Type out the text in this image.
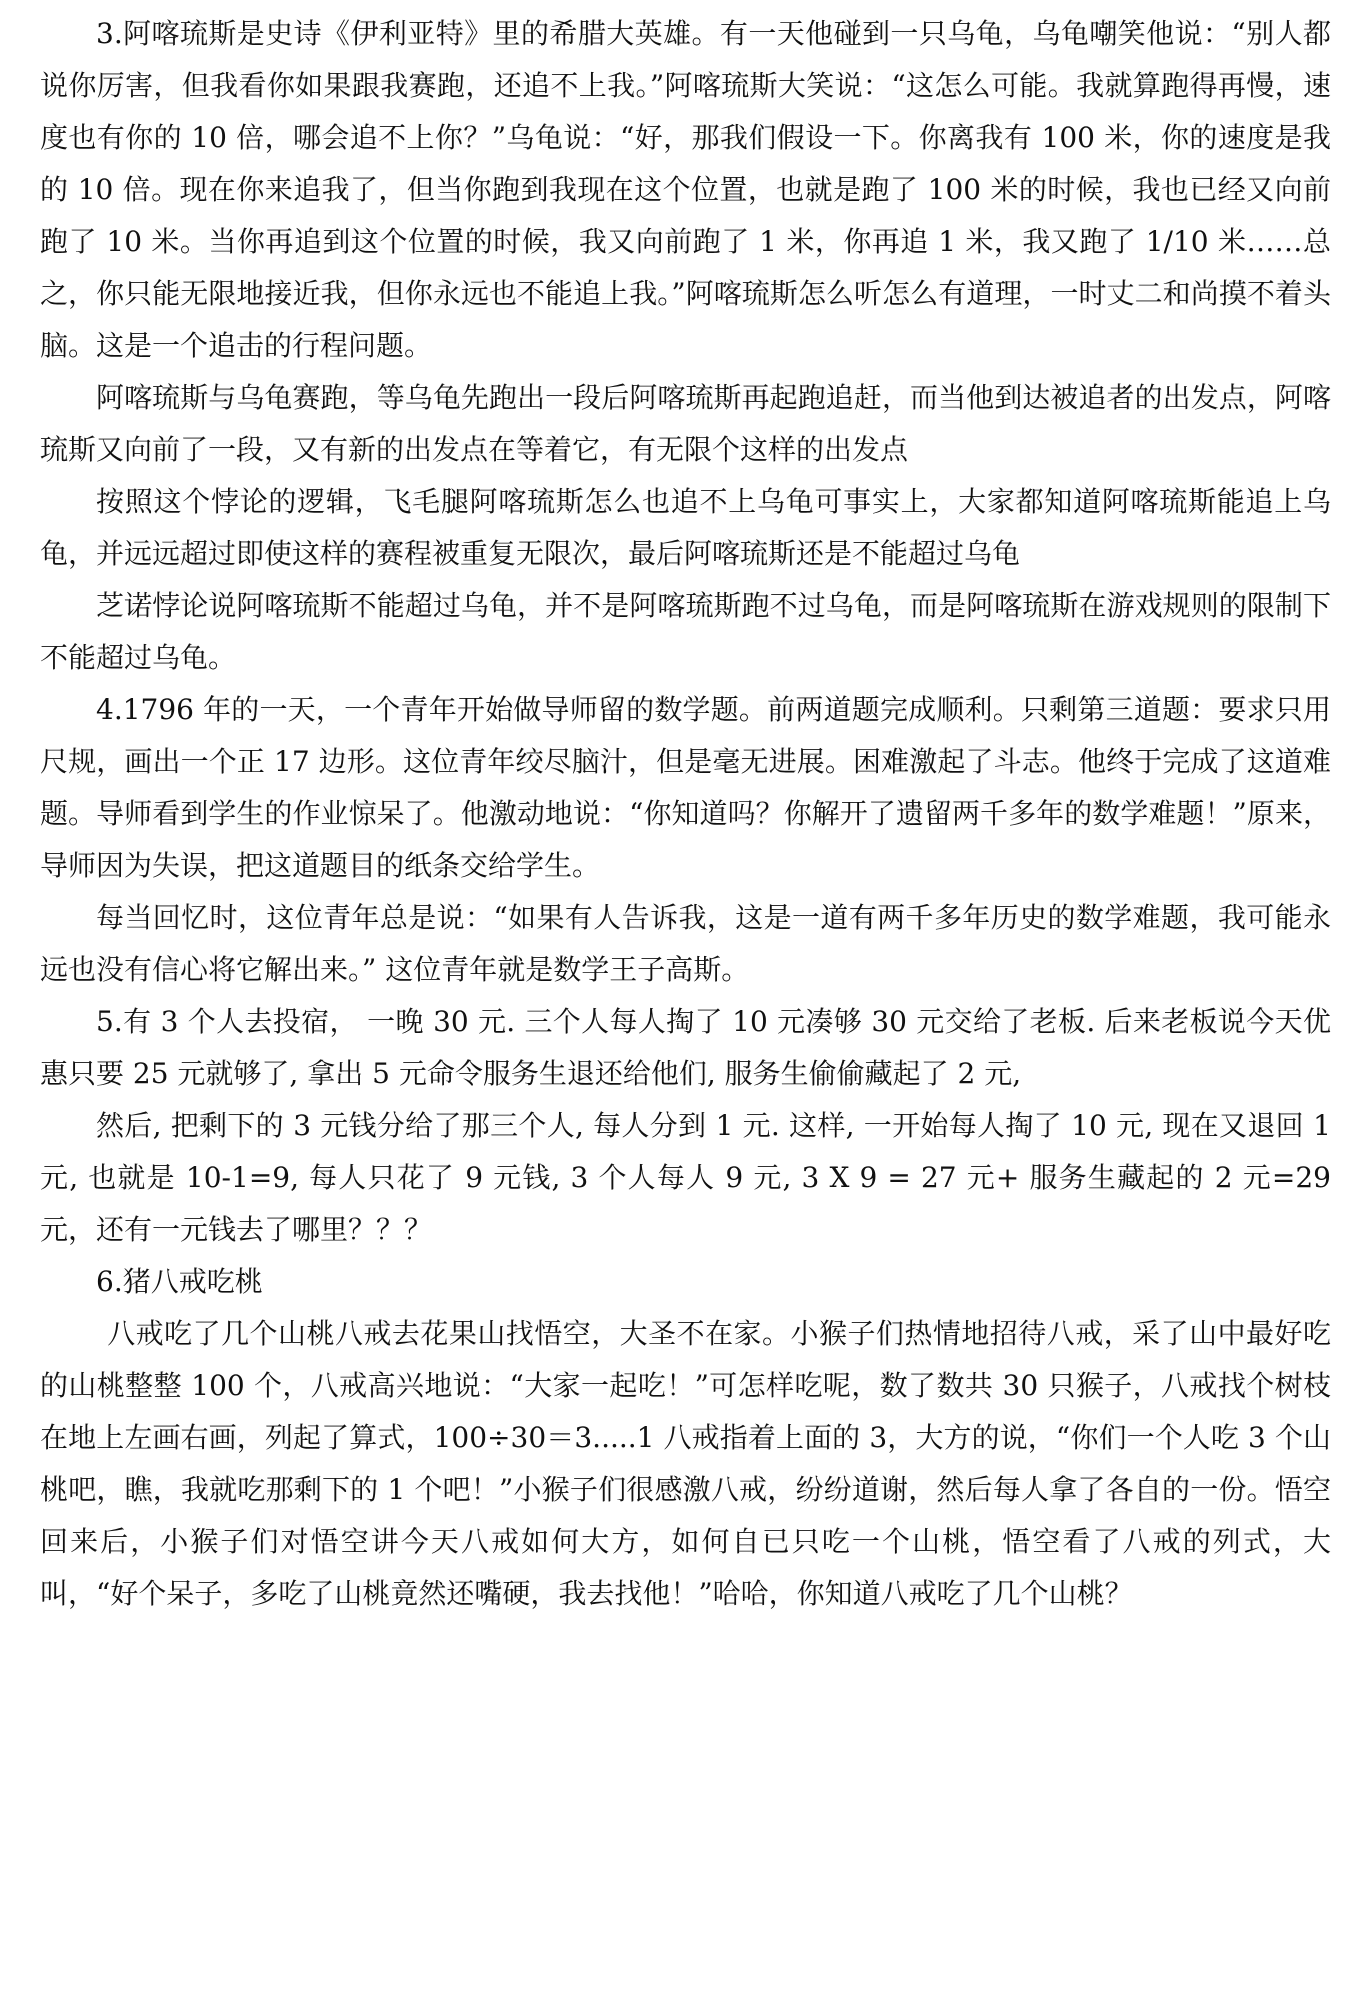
3.阿喀琉斯是史诗《伊利亚特》里的希腊大英雄。有一天他碰到一只乌龟，乌龟嘲笑他说：“别人都说你厉害，但我看你如果跟我赛跑，还追不上我。”阿喀琉斯大笑说：“这怎么可能。我就算跑得再慢，速度也有你的 10 倍，哪会追不上你？”乌龟说：“好，那我们假设一下。你离我有 100 米，你的速度是我的 10 倍。现在你来追我了，但当你跑到我现在这个位置，也就是跑了 100 米的时候，我也已经又向前跑了 10 米。当你再追到这个位置的时候，我又向前跑了 1 米，你再追 1 米，我又跑了 1/10 米……总之，你只能无限地接近我，但你永远也不能追上我。”阿喀琉斯怎么听怎么有道理，一时丈二和尚摸不着头脑。这是一个追击的行程问题。

阿喀琉斯与乌龟赛跑，等乌龟先跑出一段后阿喀琉斯再起跑追赶，而当他到达被追者的出发点，阿喀琉斯又向前了一段，又有新的出发点在等着它，有无限个这样的出发点

按照这个悖论的逻辑，飞毛腿阿喀琉斯怎么也追不上乌龟可事实上，大家都知道阿喀琉斯能追上乌龟，并远远超过即使这样的赛程被重复无限次，最后阿喀琉斯还是不能超过乌龟

芝诺悖论说阿喀琉斯不能超过乌龟，并不是阿喀琉斯跑不过乌龟，而是阿喀琉斯在游戏规则的限制下不能超过乌龟。

4.1796 年的一天，一个青年开始做导师留的数学题。前两道题完成顺利。只剩第三道题：要求只用尺规，画出一个正 17 边形。这位青年绞尽脑汁，但是毫无进展。困难激起了斗志。他终于完成了这道难题。导师看到学生的作业惊呆了。他激动地说：“你知道吗？你解开了遗留两千多年的数学难题！”原来，导师因为失误，把这道题目的纸条交给学生。

每当回忆时，这位青年总是说：“如果有人告诉我，这是一道有两千多年历史的数学难题，我可能永远也没有信心将它解出来。” 这位青年就是数学王子高斯。

5.有 3 个人去投宿， 一晚 30 元. 三个人每人掏了 10 元凑够 30 元交给了老板. 后来老板说今天优惠只要 25 元就够了, 拿出 5 元命令服务生退还给他们, 服务生偷偷藏起了 2 元,

然后, 把剩下的 3 元钱分给了那三个人, 每人分到 1 元. 这样, 一开始每人掏了 10 元, 现在又退回 1 元, 也就是 10-1=9, 每人只花了 9 元钱, 3 个人每人 9 元, 3 X 9 = 27 元+ 服务生藏起的 2 元=29 元，还有一元钱去了哪里？？？

6.猪八戒吃桃

八戒吃了几个山桃八戒去花果山找悟空，大圣不在家。小猴子们热情地招待八戒，采了山中最好吃的山桃整整 100 个，八戒高兴地说：“大家一起吃！”可怎样吃呢，数了数共 30 只猴子，八戒找个树枝在地上左画右画，列起了算式，100÷30＝3.....1 八戒指着上面的 3，大方的说，“你们一个人吃 3 个山桃吧，瞧，我就吃那剩下的 1 个吧！”小猴子们很感激八戒，纷纷道谢，然后每人拿了各自的一份。悟空回来后，小猴子们对悟空讲今天八戒如何大方，如何自已只吃一个山桃，悟空看了八戒的列式，大叫，“好个呆子，多吃了山桃竟然还嘴硬，我去找他！”哈哈，你知道八戒吃了几个山桃？
